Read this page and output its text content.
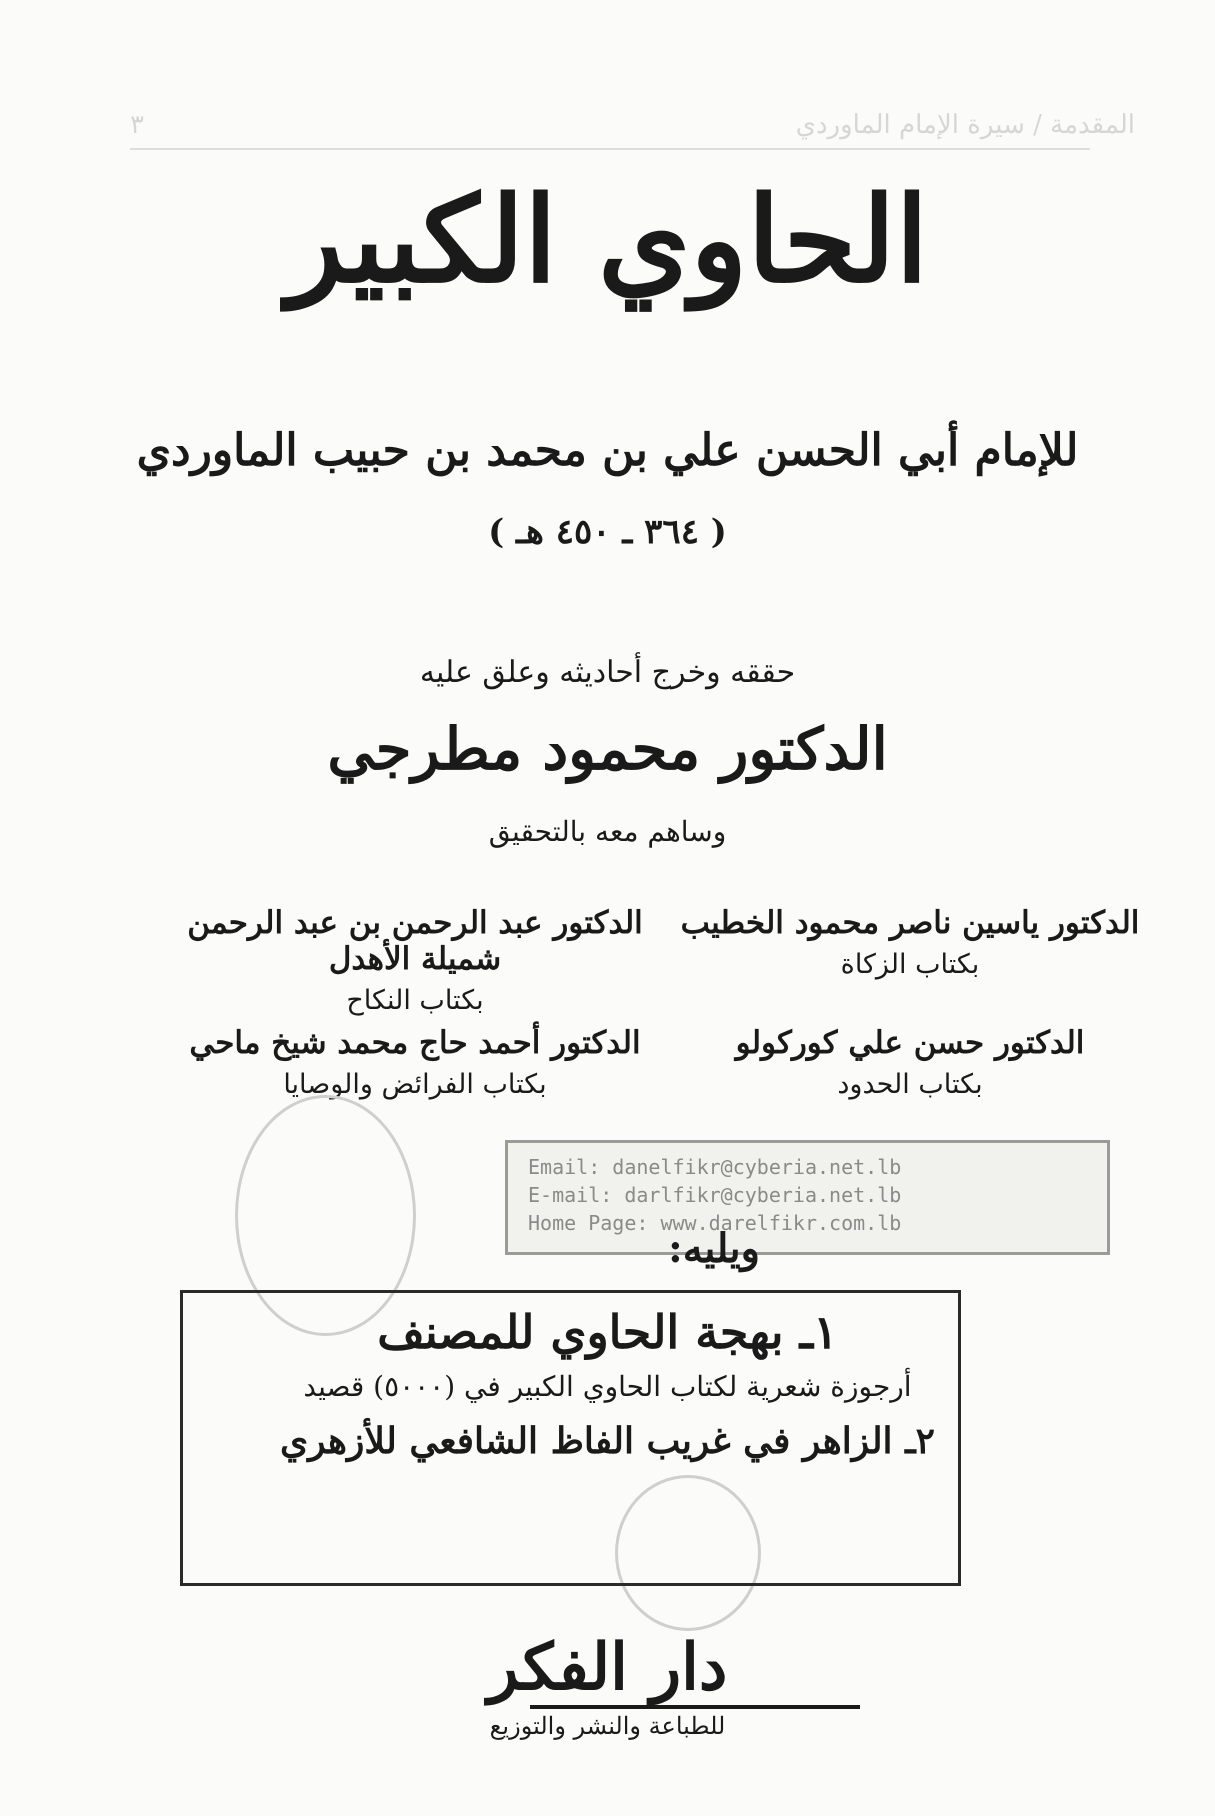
المقدمة / سيرة الإمام الماوردي
٣
الحاوي الكبير
للإمام أبي الحسن علي بن محمد بن حبيب الماوردي
( ٣٦٤ ـ ٤٥٠ هـ )
حققه وخرج أحاديثه وعلق عليه
الدكتور محمود مطرجي
وساهم معه بالتحقيق
الدكتور ياسين ناصر محمود الخطيب
بكتاب الزكاة
الدكتور عبد الرحمن بن عبد الرحمن شميلة الأهدل
بكتاب النكاح
الدكتور حسن علي كوركولو
بكتاب الحدود
الدكتور أحمد حاج محمد شيخ ماحي
بكتاب الفرائض والوصايا
Email: danelfikr@cyberia.net.lb
E-mail: darlfikr@cyberia.net.lb
Home Page: www.darelfikr.com.lb
ويليه:
١ـ بهجة الحاوي للمصنف
أرجوزة شعرية لكتاب الحاوي الكبير في (٥٠٠٠) قصيد
٢ـ الزاهر في غريب الفاظ الشافعي للأزهري
دار الفكر
للطباعة والنشر والتوزيع
